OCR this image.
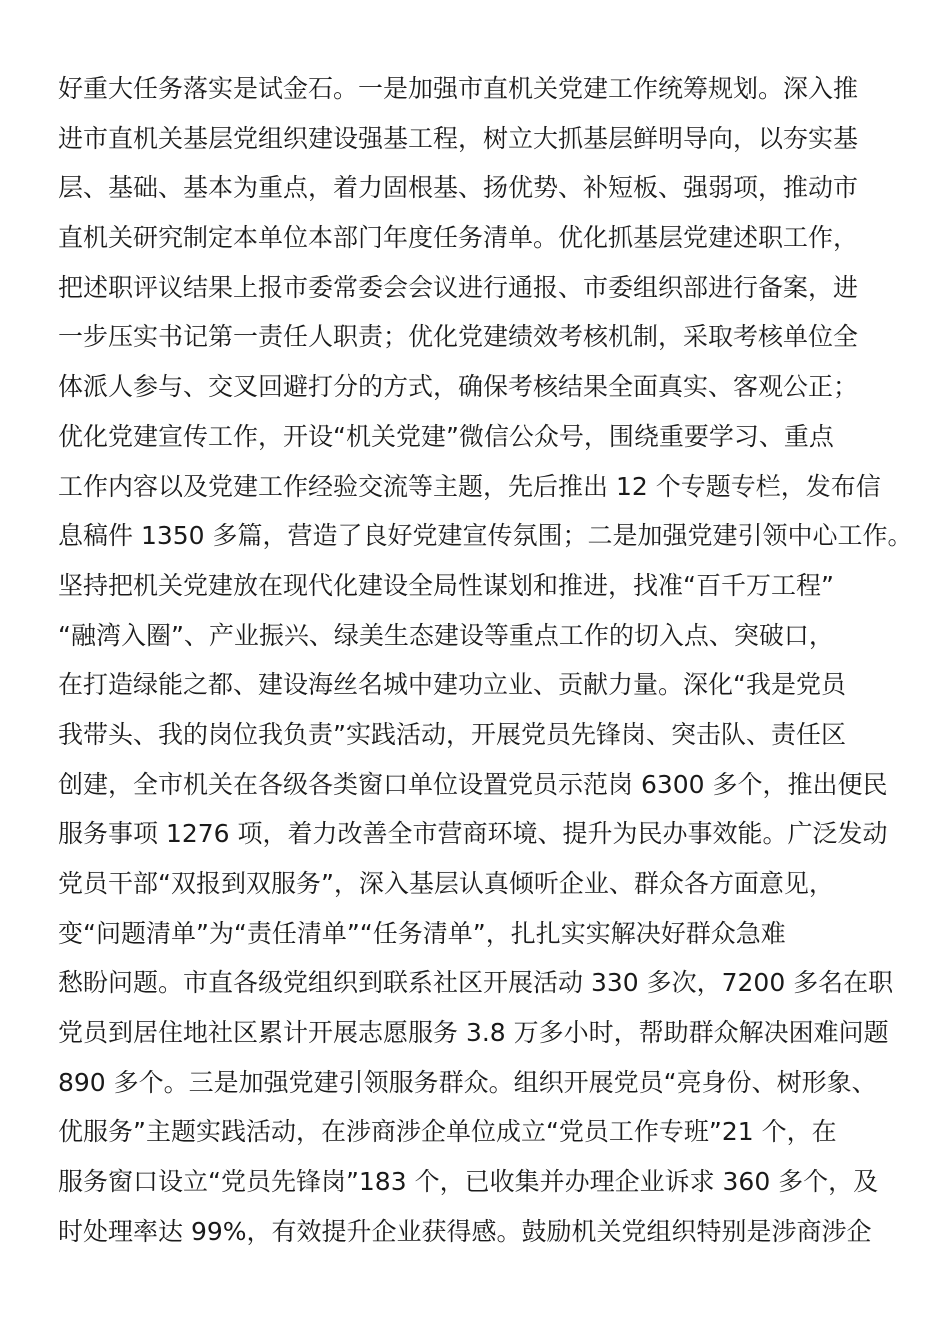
好重大任务落实是试金石。一是加强市直机关党建工作统筹规划。深入推
进市直机关基层党组织建设强基工程，树立大抓基层鲜明导向，以夯实基
层、基础、基本为重点，着力固根基、扬优势、补短板、强弱项，推动市
直机关研究制定本单位本部门年度任务清单。优化抓基层党建述职工作，
把述职评议结果上报市委常委会会议进行通报、市委组织部进行备案，进
一步压实书记第一责任人职责；优化党建绩效考核机制，采取考核单位全
体派人参与、交叉回避打分的方式，确保考核结果全面真实、客观公正；
优化党建宣传工作，开设“机关党建”微信公众号，围绕重要学习、重点
工作内容以及党建工作经验交流等主题，先后推出 12 个专题专栏，发布信
息稿件 1350 多篇，营造了良好党建宣传氛围；二是加强党建引领中心工作。
坚持把机关党建放在现代化建设全局性谋划和推进，找准“百千万工程”
“融湾入圈”、产业振兴、绿美生态建设等重点工作的切入点、突破口，
在打造绿能之都、建设海丝名城中建功立业、贡献力量。深化“我是党员
我带头、我的岗位我负责”实践活动，开展党员先锋岗、突击队、责任区
创建，全市机关在各级各类窗口单位设置党员示范岗 6300 多个，推出便民
服务事项 1276 项，着力改善全市营商环境、提升为民办事效能。广泛发动
党员干部“双报到双服务”，深入基层认真倾听企业、群众各方面意见，
变“问题清单”为“责任清单”“任务清单”，扎扎实实解决好群众急难
愁盼问题。市直各级党组织到联系社区开展活动 330 多次，7200 多名在职
党员到居住地社区累计开展志愿服务 3.8 万多小时，帮助群众解决困难问题
890 多个。三是加强党建引领服务群众。组织开展党员“亮身份、树形象、
优服务”主题实践活动，在涉商涉企单位成立“党员工作专班”21 个，在
服务窗口设立“党员先锋岗”183 个，已收集并办理企业诉求 360 多个，及
时处理率达 99%，有效提升企业获得感。鼓励机关党组织特别是涉商涉企
